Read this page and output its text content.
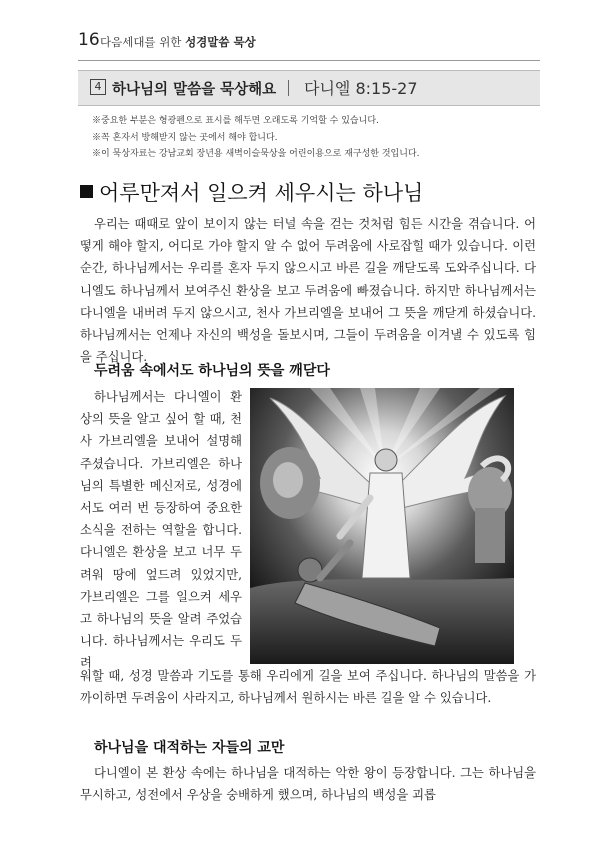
16 다음세대를 위한 성경말씀 묵상
4 하나님의 말씀을 묵상해요 다니엘 8:15-27
※중요한 부분은 형광펜으로 표시를 해두면 오래도록 기억할 수 있습니다.
※꼭 혼자서 방해받지 않는 곳에서 해야 합니다.
※이 묵상자료는 강남교회 장년용 새벽이슬묵상을 어린이용으로 재구성한 것입니다.
어루만져서 일으켜 세우시는 하나님
우리는 때때로 앞이 보이지 않는 터널 속을 걷는 것처럼 힘든 시간을 겪습니다. 어떻게 해야 할지, 어디로 가야 할지 알 수 없어 두려움에 사로잡힐 때가 있습니다. 이런 순간, 하나님께서는 우리를 혼자 두지 않으시고 바른 길을 깨닫도록 도와주십니다. 다니엘도 하나님께서 보여주신 환상을 보고 두려움에 빠졌습니다. 하지만 하나님께서는 다니엘을 내버려 두지 않으시고, 천사 가브리엘을 보내어 그 뜻을 깨닫게 하셨습니다. 하나님께서는 언제나 자신의 백성을 돌보시며, 그들이 두려움을 이겨낼 수 있도록 힘을 주십니다.
두려움 속에서도 하나님의 뜻을 깨닫다
하나님께서는 다니엘이 환상의 뜻을 알고 싶어 할 때, 천사 가브리엘을 보내어 설명해 주셨습니다. 가브리엘은 하나님의 특별한 메신저로, 성경에서도 여러 번 등장하여 중요한 소식을 전하는 역할을 합니다. 다니엘은 환상을 보고 너무 두려워 땅에 엎드려 있었지만, 가브리엘은 그를 일으켜 세우고 하나님의 뜻을 알려 주었습니다. 하나님께서는 우리도 두려
워할 때, 성경 말씀과 기도를 통해 우리에게 길을 보여 주십니다. 하나님의 말씀을 가까이하면 두려움이 사라지고, 하나님께서 원하시는 바른 길을 알 수 있습니다.
하나님을 대적하는 자들의 교만
다니엘이 본 환상 속에는 하나님을 대적하는 악한 왕이 등장합니다. 그는 하나님을 무시하고, 성전에서 우상을 숭배하게 했으며, 하나님의 백성을 괴롭
